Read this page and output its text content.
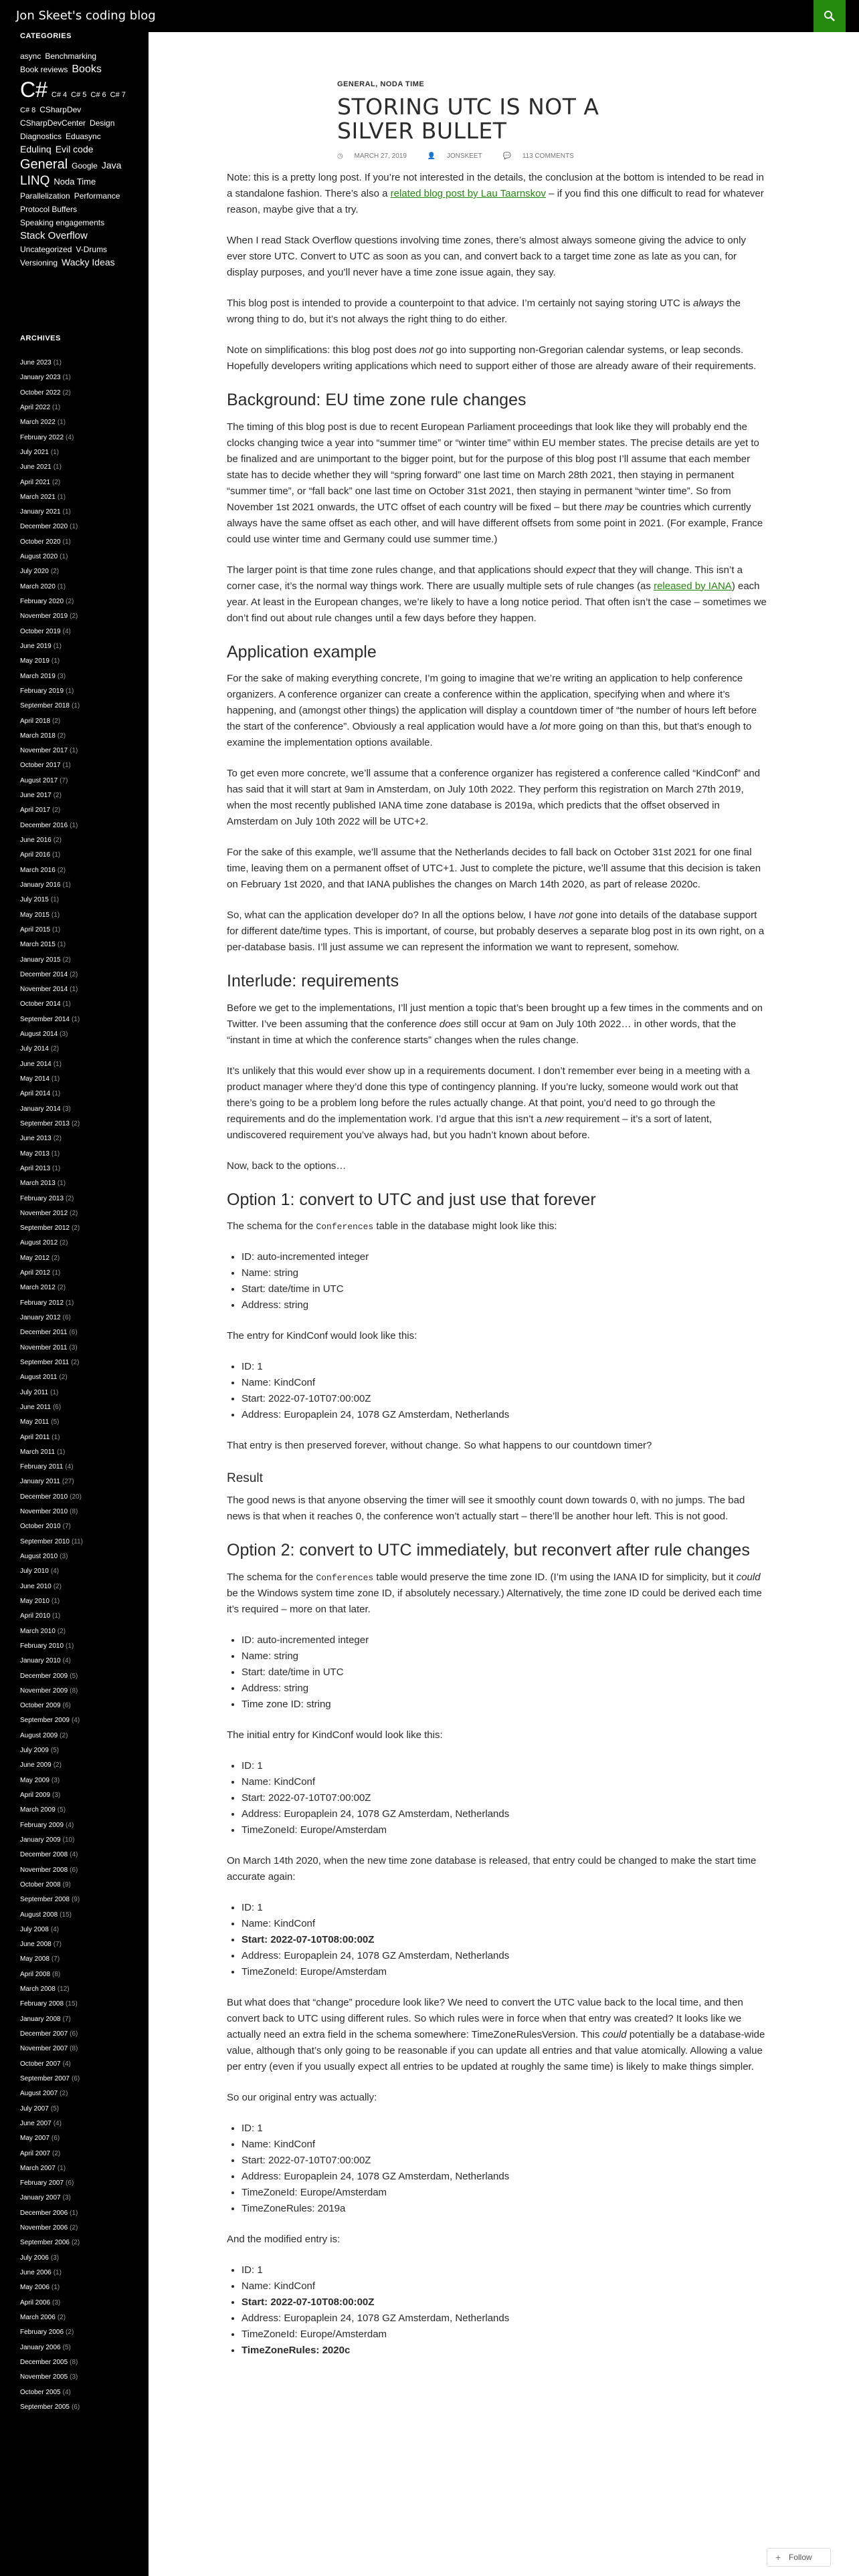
Jon Skeet's coding blog
CATEGORIES
async BenchmarkingBook reviews BooksC# C# 4 C# 5 C# 6 C# 7C# 8 CSharpDevCSharpDevCenter DesignDiagnostics EduasyncEdulinq Evil codeGeneral Google JavaLINQ Noda TimeParallelization PerformanceProtocol BuffersSpeaking engagementsStack OverflowUncategorized V-DrumsVersioning Wacky Ideas
ARCHIVES
June 2023 (1)
January 2023 (1)
October 2022 (2)
April 2022 (1)
March 2022 (1)
February 2022 (4)
July 2021 (1)
June 2021 (1)
April 2021 (2)
March 2021 (1)
January 2021 (1)
December 2020 (1)
October 2020 (1)
August 2020 (1)
July 2020 (2)
March 2020 (1)
February 2020 (2)
November 2019 (2)
October 2019 (4)
June 2019 (1)
May 2019 (1)
March 2019 (3)
February 2019 (1)
September 2018 (1)
April 2018 (2)
March 2018 (2)
November 2017 (1)
October 2017 (1)
August 2017 (7)
June 2017 (2)
April 2017 (2)
December 2016 (1)
June 2016 (2)
April 2016 (1)
March 2016 (2)
January 2016 (1)
July 2015 (1)
May 2015 (1)
April 2015 (1)
March 2015 (1)
January 2015 (2)
December 2014 (2)
November 2014 (1)
October 2014 (1)
September 2014 (1)
August 2014 (3)
July 2014 (2)
June 2014 (1)
May 2014 (1)
April 2014 (1)
January 2014 (3)
September 2013 (2)
June 2013 (2)
May 2013 (1)
April 2013 (1)
March 2013 (1)
February 2013 (2)
November 2012 (2)
September 2012 (2)
August 2012 (2)
May 2012 (2)
April 2012 (1)
March 2012 (2)
February 2012 (1)
January 2012 (6)
December 2011 (6)
November 2011 (3)
September 2011 (2)
August 2011 (2)
July 2011 (1)
June 2011 (6)
May 2011 (5)
April 2011 (1)
March 2011 (1)
February 2011 (4)
January 2011 (27)
December 2010 (20)
November 2010 (8)
October 2010 (7)
September 2010 (11)
August 2010 (3)
July 2010 (4)
June 2010 (2)
May 2010 (1)
April 2010 (1)
March 2010 (2)
February 2010 (1)
January 2010 (4)
December 2009 (5)
November 2009 (8)
October 2009 (6)
September 2009 (4)
August 2009 (2)
July 2009 (5)
June 2009 (2)
May 2009 (3)
April 2009 (3)
March 2009 (5)
February 2009 (4)
January 2009 (10)
December 2008 (4)
November 2008 (6)
October 2008 (9)
September 2008 (9)
August 2008 (15)
July 2008 (4)
June 2008 (7)
May 2008 (7)
April 2008 (8)
March 2008 (12)
February 2008 (15)
January 2008 (7)
December 2007 (6)
November 2007 (8)
October 2007 (4)
September 2007 (6)
August 2007 (2)
July 2007 (5)
June 2007 (4)
May 2007 (6)
April 2007 (2)
March 2007 (1)
February 2007 (6)
January 2007 (3)
December 2006 (1)
November 2006 (2)
September 2006 (2)
July 2006 (3)
June 2006 (1)
May 2006 (1)
April 2006 (3)
March 2006 (2)
February 2006 (2)
January 2006 (5)
December 2005 (8)
November 2005 (3)
October 2005 (4)
September 2005 (6)
GENERAL, NODA TIME
STORING UTC IS NOT A SILVER BULLET
◷ MARCH 27, 2019	👤 JONSKEET	💬 113 COMMENTS

Note: this is a pretty long post. If you’re not interested in the details, the conclusion at the bottom is intended to be read in a standalone fashion. There’s also a related blog post by Lau Taarnskov – if you find this one difficult to read for whatever reason, maybe give that a try.

When I read Stack Overflow questions involving time zones, there’s almost always someone giving the advice to only ever store UTC. Convert to UTC as soon as you can, and convert back to a target time zone as late as you can, for display purposes, and you’ll never have a time zone issue again, they say.

This blog post is intended to provide a counterpoint to that advice. I’m certainly not saying storing UTC is always the wrong thing to do, but it’s not always the right thing to do either.

Note on simplifications: this blog post does not go into supporting non-Gregorian calendar systems, or leap seconds. Hopefully developers writing applications which need to support either of those are already aware of their requirements.

Background: EU time zone rule changes

The timing of this blog post is due to recent European Parliament proceedings that look like they will probably end the clocks changing twice a year into “summer time” or “winter time” within EU member states. The precise details are yet to be finalized and are unimportant to the bigger point, but for the purpose of this blog post I’ll assume that each member state has to decide whether they will “spring forward” one last time on March 28th 2021, then staying in permanent “summer time”, or “fall back” one last time on October 31st 2021, then staying in permanent “winter time”. So from November 1st 2021 onwards, the UTC offset of each country will be fixed – but there may be countries which currently always have the same offset as each other, and will have different offsets from some point in 2021. (For example, France could use winter time and Germany could use summer time.)

The larger point is that time zone rules change, and that applications should expect that they will change. This isn’t a corner case, it’s the normal way things work. There are usually multiple sets of rule changes (as released by IANA) each year. At least in the European changes, we’re likely to have a long notice period. That often isn’t the case – sometimes we don’t find out about rule changes until a few days before they happen.

Application example

For the sake of making everything concrete, I’m going to imagine that we’re writing an application to help conference organizers. A conference organizer can create a conference within the application, specifying when and where it’s happening, and (amongst other things) the application will display a countdown timer of “the number of hours left before the start of the conference”. Obviously a real application would have a lot more going on than this, but that’s enough to examine the implementation options available.

To get even more concrete, we’ll assume that a conference organizer has registered a conference called “KindConf” and has said that it will start at 9am in Amsterdam, on July 10th 2022. They perform this registration on March 27th 2019, when the most recently published IANA time zone database is 2019a, which predicts that the offset observed in Amsterdam on July 10th 2022 will be UTC+2.

For the sake of this example, we’ll assume that the Netherlands decides to fall back on October 31st 2021 for one final time, leaving them on a permanent offset of UTC+1. Just to complete the picture, we’ll assume that this decision is taken on February 1st 2020, and that IANA publishes the changes on March 14th 2020, as part of release 2020c.

So, what can the application developer do? In all the options below, I have not gone into details of the database support for different date/time types. This is important, of course, but probably deserves a separate blog post in its own right, on a per-database basis. I’ll just assume we can represent the information we want to represent, somehow.

Interlude: requirements

Before we get to the implementations, I’ll just mention a topic that’s been brought up a few times in the comments and on Twitter. I’ve been assuming that the conference does still occur at 9am on July 10th 2022… in other words, that the “instant in time at which the conference starts” changes when the rules change.

It’s unlikely that this would ever show up in a requirements document. I don’t remember ever being in a meeting with a product manager where they’d done this type of contingency planning. If you’re lucky, someone would work out that there’s going to be a problem long before the rules actually change. At that point, you’d need to go through the requirements and do the implementation work. I’d argue that this isn’t a new requirement – it’s a sort of latent, undiscovered requirement you’ve always had, but you hadn’t known about before.

Now, back to the options…

Option 1: convert to UTC and just use that forever

The schema for the Conferences table in the database might look like this:

• ID: auto-incremented integer
• Name: string
• Start: date/time in UTC
• Address: string

The entry for KindConf would look like this:

• ID: 1
• Name: KindConf
• Start: 2022-07-10T07:00:00Z
• Address: Europaplein 24, 1078 GZ Amsterdam, Netherlands

That entry is then preserved forever, without change. So what happens to our countdown timer?

Result

The good news is that anyone observing the timer will see it smoothly count down towards 0, with no jumps. The bad news is that when it reaches 0, the conference won’t actually start – there’ll be another hour left. This is not good.

Option 2: convert to UTC immediately, but reconvert after rule changes

The schema for the Conferences table would preserve the time zone ID. (I’m using the IANA ID for simplicity, but it could be the Windows system time zone ID, if absolutely necessary.) Alternatively, the time zone ID could be derived each time it’s required – more on that later.

• ID: auto-incremented integer
• Name: string
• Start: date/time in UTC
• Address: string
• Time zone ID: string

The initial entry for KindConf would look like this:

• ID: 1
• Name: KindConf
• Start: 2022-07-10T07:00:00Z
• Address: Europaplein 24, 1078 GZ Amsterdam, Netherlands
• TimeZoneId: Europe/Amsterdam

On March 14th 2020, when the new time zone database is released, that entry could be changed to make the start time accurate again:

• ID: 1
• Name: KindConf
• Start: 2022-07-10T08:00:00Z
• Address: Europaplein 24, 1078 GZ Amsterdam, Netherlands
• TimeZoneId: Europe/Amsterdam

But what does that “change” procedure look like? We need to convert the UTC value back to the local time, and then convert back to UTC using different rules. So which rules were in force when that entry was created? It looks like we actually need an extra field in the schema somewhere: TimeZoneRulesVersion. This could potentially be a database-wide value, although that’s only going to be reasonable if you can update all entries and that value atomically. Allowing a value per entry (even if you usually expect all entries to be updated at roughly the same time) is likely to make things simpler.

So our original entry was actually:

• ID: 1
• Name: KindConf
• Start: 2022-07-10T07:00:00Z
• Address: Europaplein 24, 1078 GZ Amsterdam, Netherlands
• TimeZoneId: Europe/Amsterdam
• TimeZoneRules: 2019a

And the modified entry is:

• ID: 1
• Name: KindConf
• Start: 2022-07-10T08:00:00Z
• Address: Europaplein 24, 1078 GZ Amsterdam, Netherlands
• TimeZoneId: Europe/Amsterdam
• TimeZoneRules: 2020c
+ Follow
